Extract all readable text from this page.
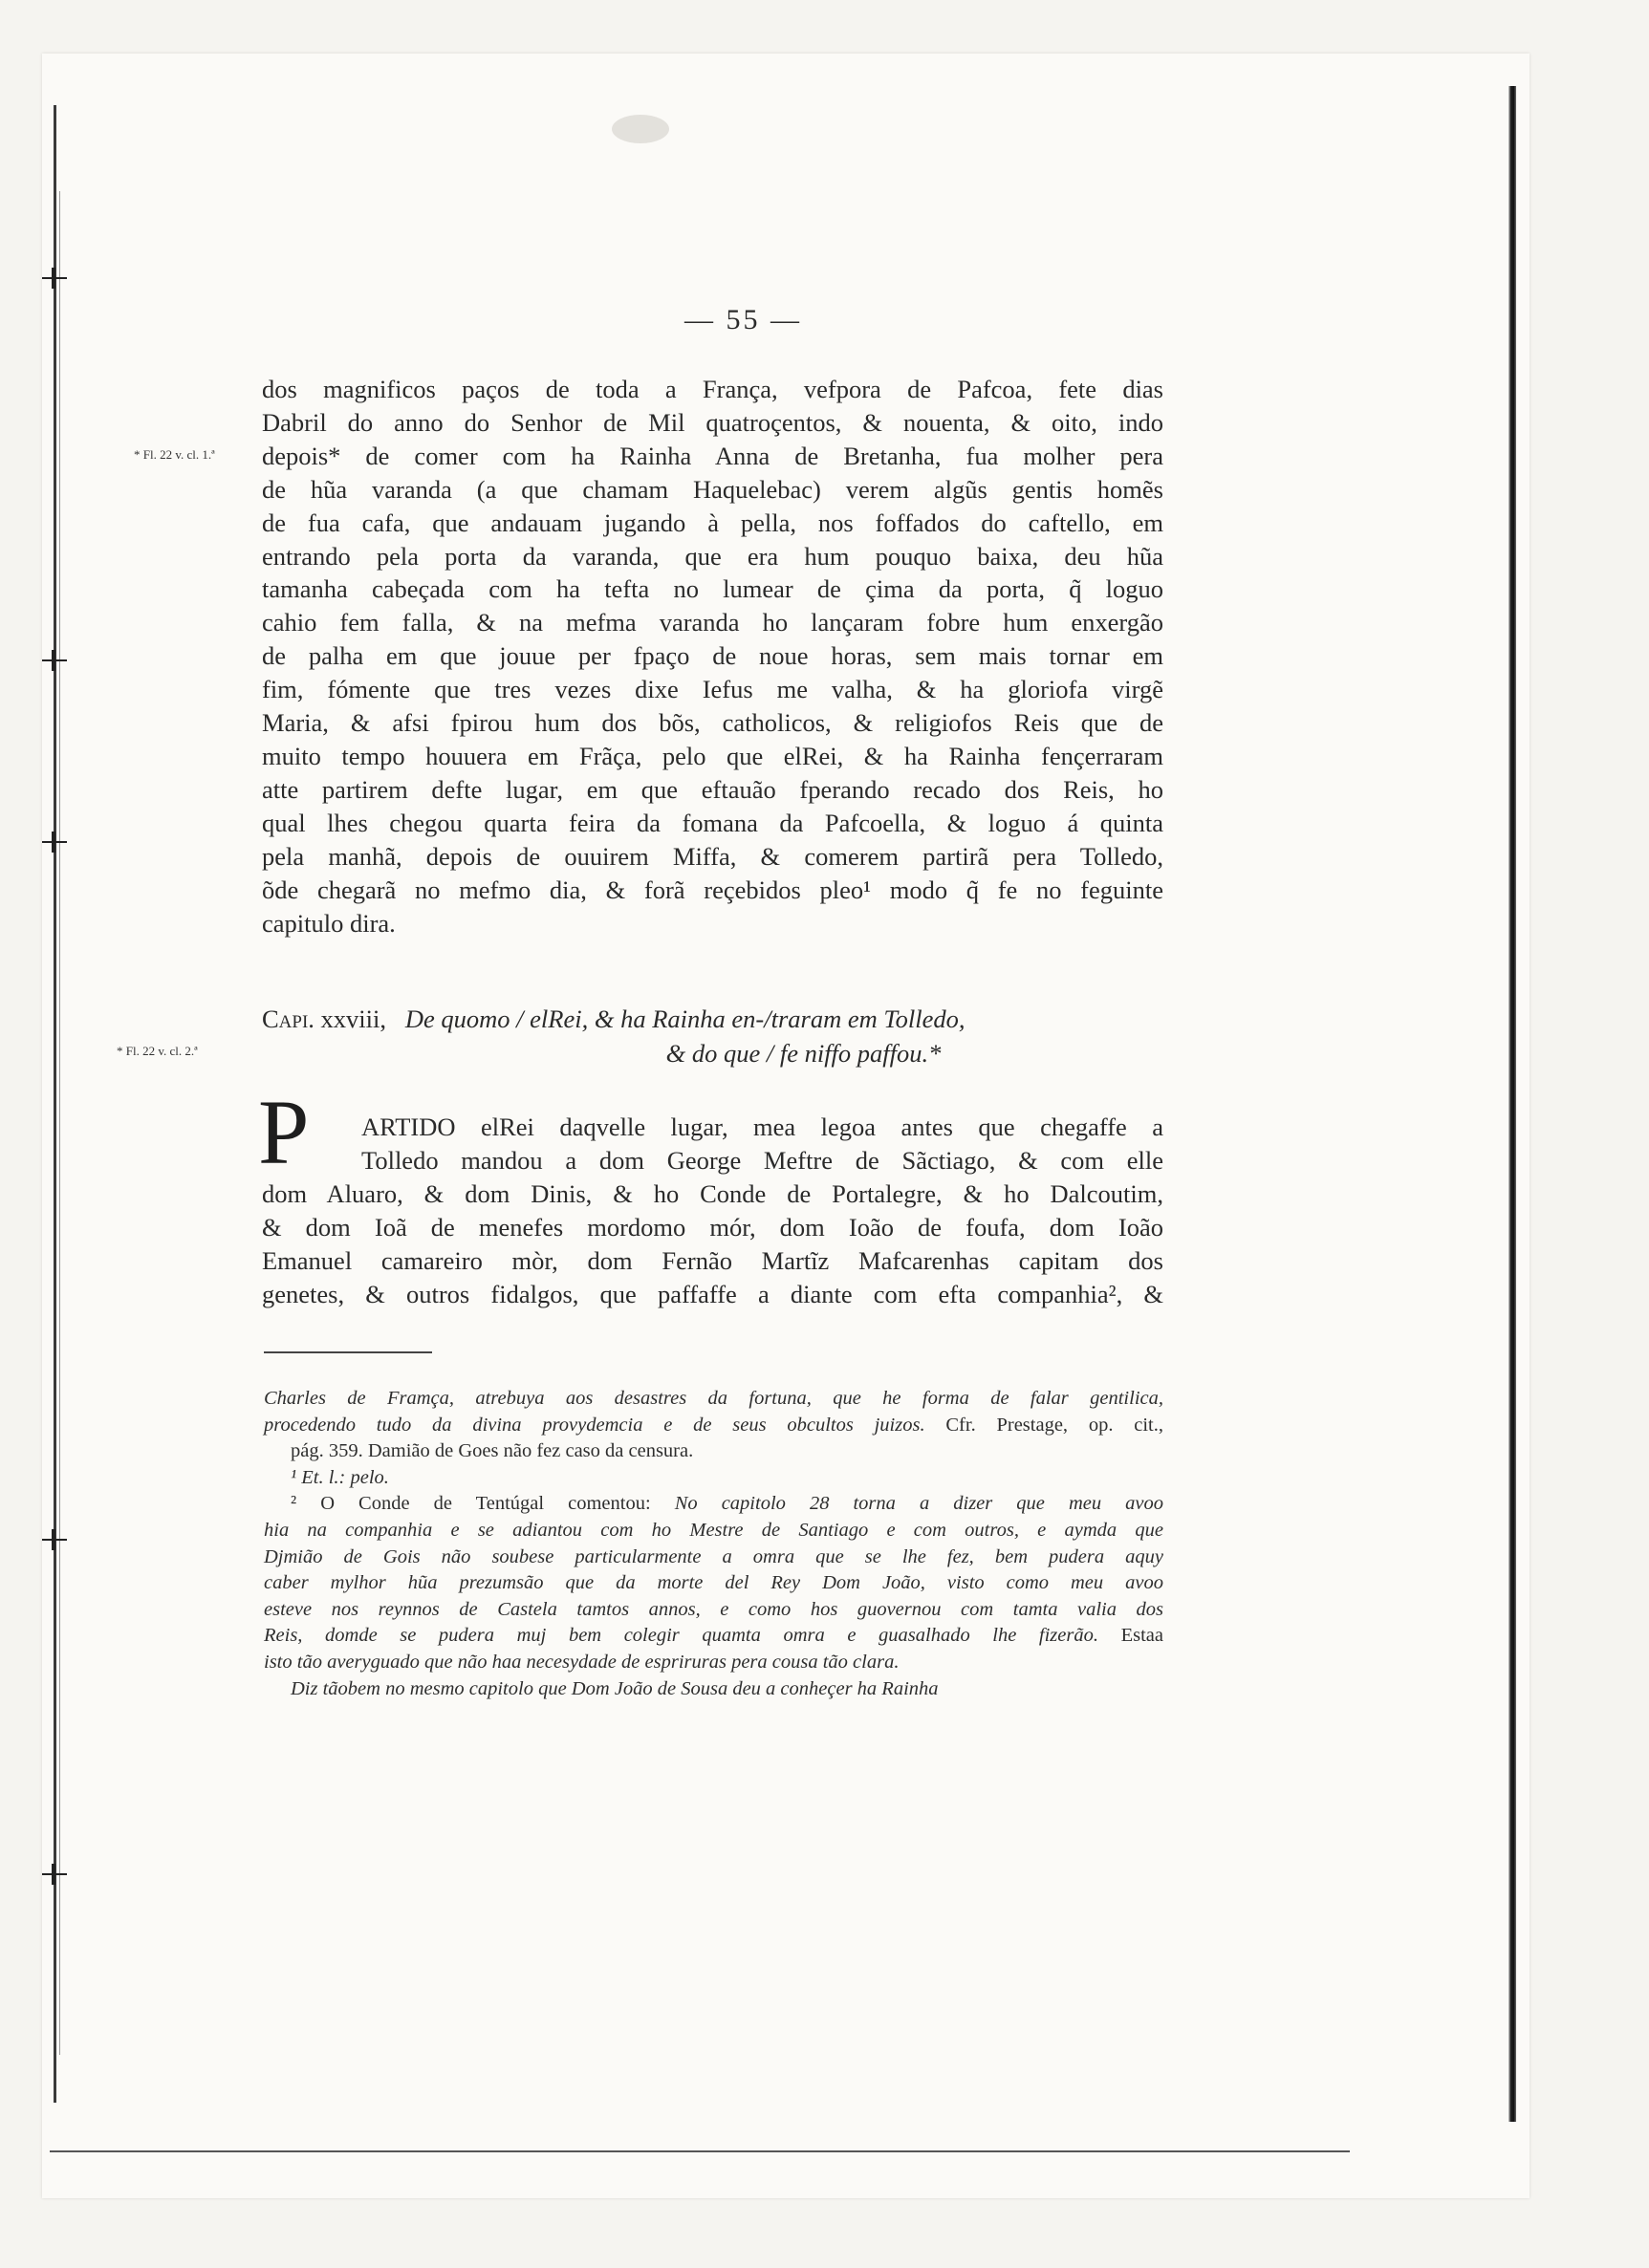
— 55 —
* Fl. 22 v. cl. 1.ª
* Fl. 22 v. cl. 2.ª
dos magnificos paços de toda a França, vefpora de Pafcoa, fete dias
Dabril do anno do Senhor de Mil quatroçentos, & nouenta, & oito, indo
depois* de comer com ha Rainha Anna de Bretanha, fua molher pera
de hũa varanda (a que chamam Haquelebac) verem algũs gentis homẽs
de fua cafa, que andauam jugando à pella, nos foffados do caftello, em
entrando pela porta da varanda, que era hum pouquo baixa, deu hũa
tamanha cabeçada com ha tefta no lumear de çima da porta, q̃ loguo
cahio fem falla, & na mefma varanda ho lançaram fobre hum enxergão
de palha em que jouue per fpaço de noue horas, sem mais tornar em
fim, fómente que tres vezes dixe Iefus me valha, & ha gloriofa virgẽ
Maria, & afsi fpirou hum dos bõs, catholicos, & religiofos Reis que de
muito tempo houuera em Frãça, pelo que elRei, & ha Rainha fençerraram
atte partirem defte lugar, em que eftauão fperando recado dos Reis, ho
qual lhes chegou quarta feira da fomana da Pafcoella, & loguo á quinta
pela manhã, depois de ouuirem Miffa, & comerem partirã pera Tolledo,
õde chegarã no mefmo dia, & forã reçebidos pleo¹ modo q̃ fe no feguinte
capitulo dira.
Capi. xxviii, De quomo / elRei, & ha Rainha en-/traram em Tolledo,
& do que / fe niffo paffou.*
P	ARTIDO elRei daqvelle lugar, mea legoa antes que chegaffe a
Tolledo mandou a dom George Meftre de Sãctiago, & com elle
dom Aluaro, & dom Dinis, & ho Conde de Portalegre, & ho Dalcoutim,
& dom Ioã de menefes mordomo mór, dom Ioão de foufa, dom Ioão
Emanuel camareiro mòr, dom Fernão Martĩz Mafcarenhas capitam dos
genetes, & outros fidalgos, que paffaffe a diante com efta companhia², &
Charles de Framça, atrebuya aos desastres da fortuna, que he forma de falar gentilica,
procedendo tudo da divina provydemcia e de seus obcultos juizos. Cfr. Prestage, op. cit.,
pág. 359. Damião de Goes não fez caso da censura.
¹ Et. l.: pelo.
² O Conde de Tentúgal comentou: No capitolo 28 torna a dizer que meu avoo
hia na companhia e se adiantou com ho Mestre de Santiago e com outros, e aymda que
Djmião de Gois não soubese particularmente a omra que se lhe fez, bem pudera aquy
caber mylhor hũa prezumsão que da morte del Rey Dom João, visto como meu avoo
esteve nos reynnos de Castela tamtos annos, e como hos guovernou com tamta valia dos
Reis, domde se pudera muj bem colegir quamta omra e guasalhado lhe fizerão. Estaa
isto tão averyguado que não haa necesydade de espriruras pera cousa tão clara.
Diz tãobem no mesmo capitolo que Dom João de Sousa deu a conheçer ha Rainha
